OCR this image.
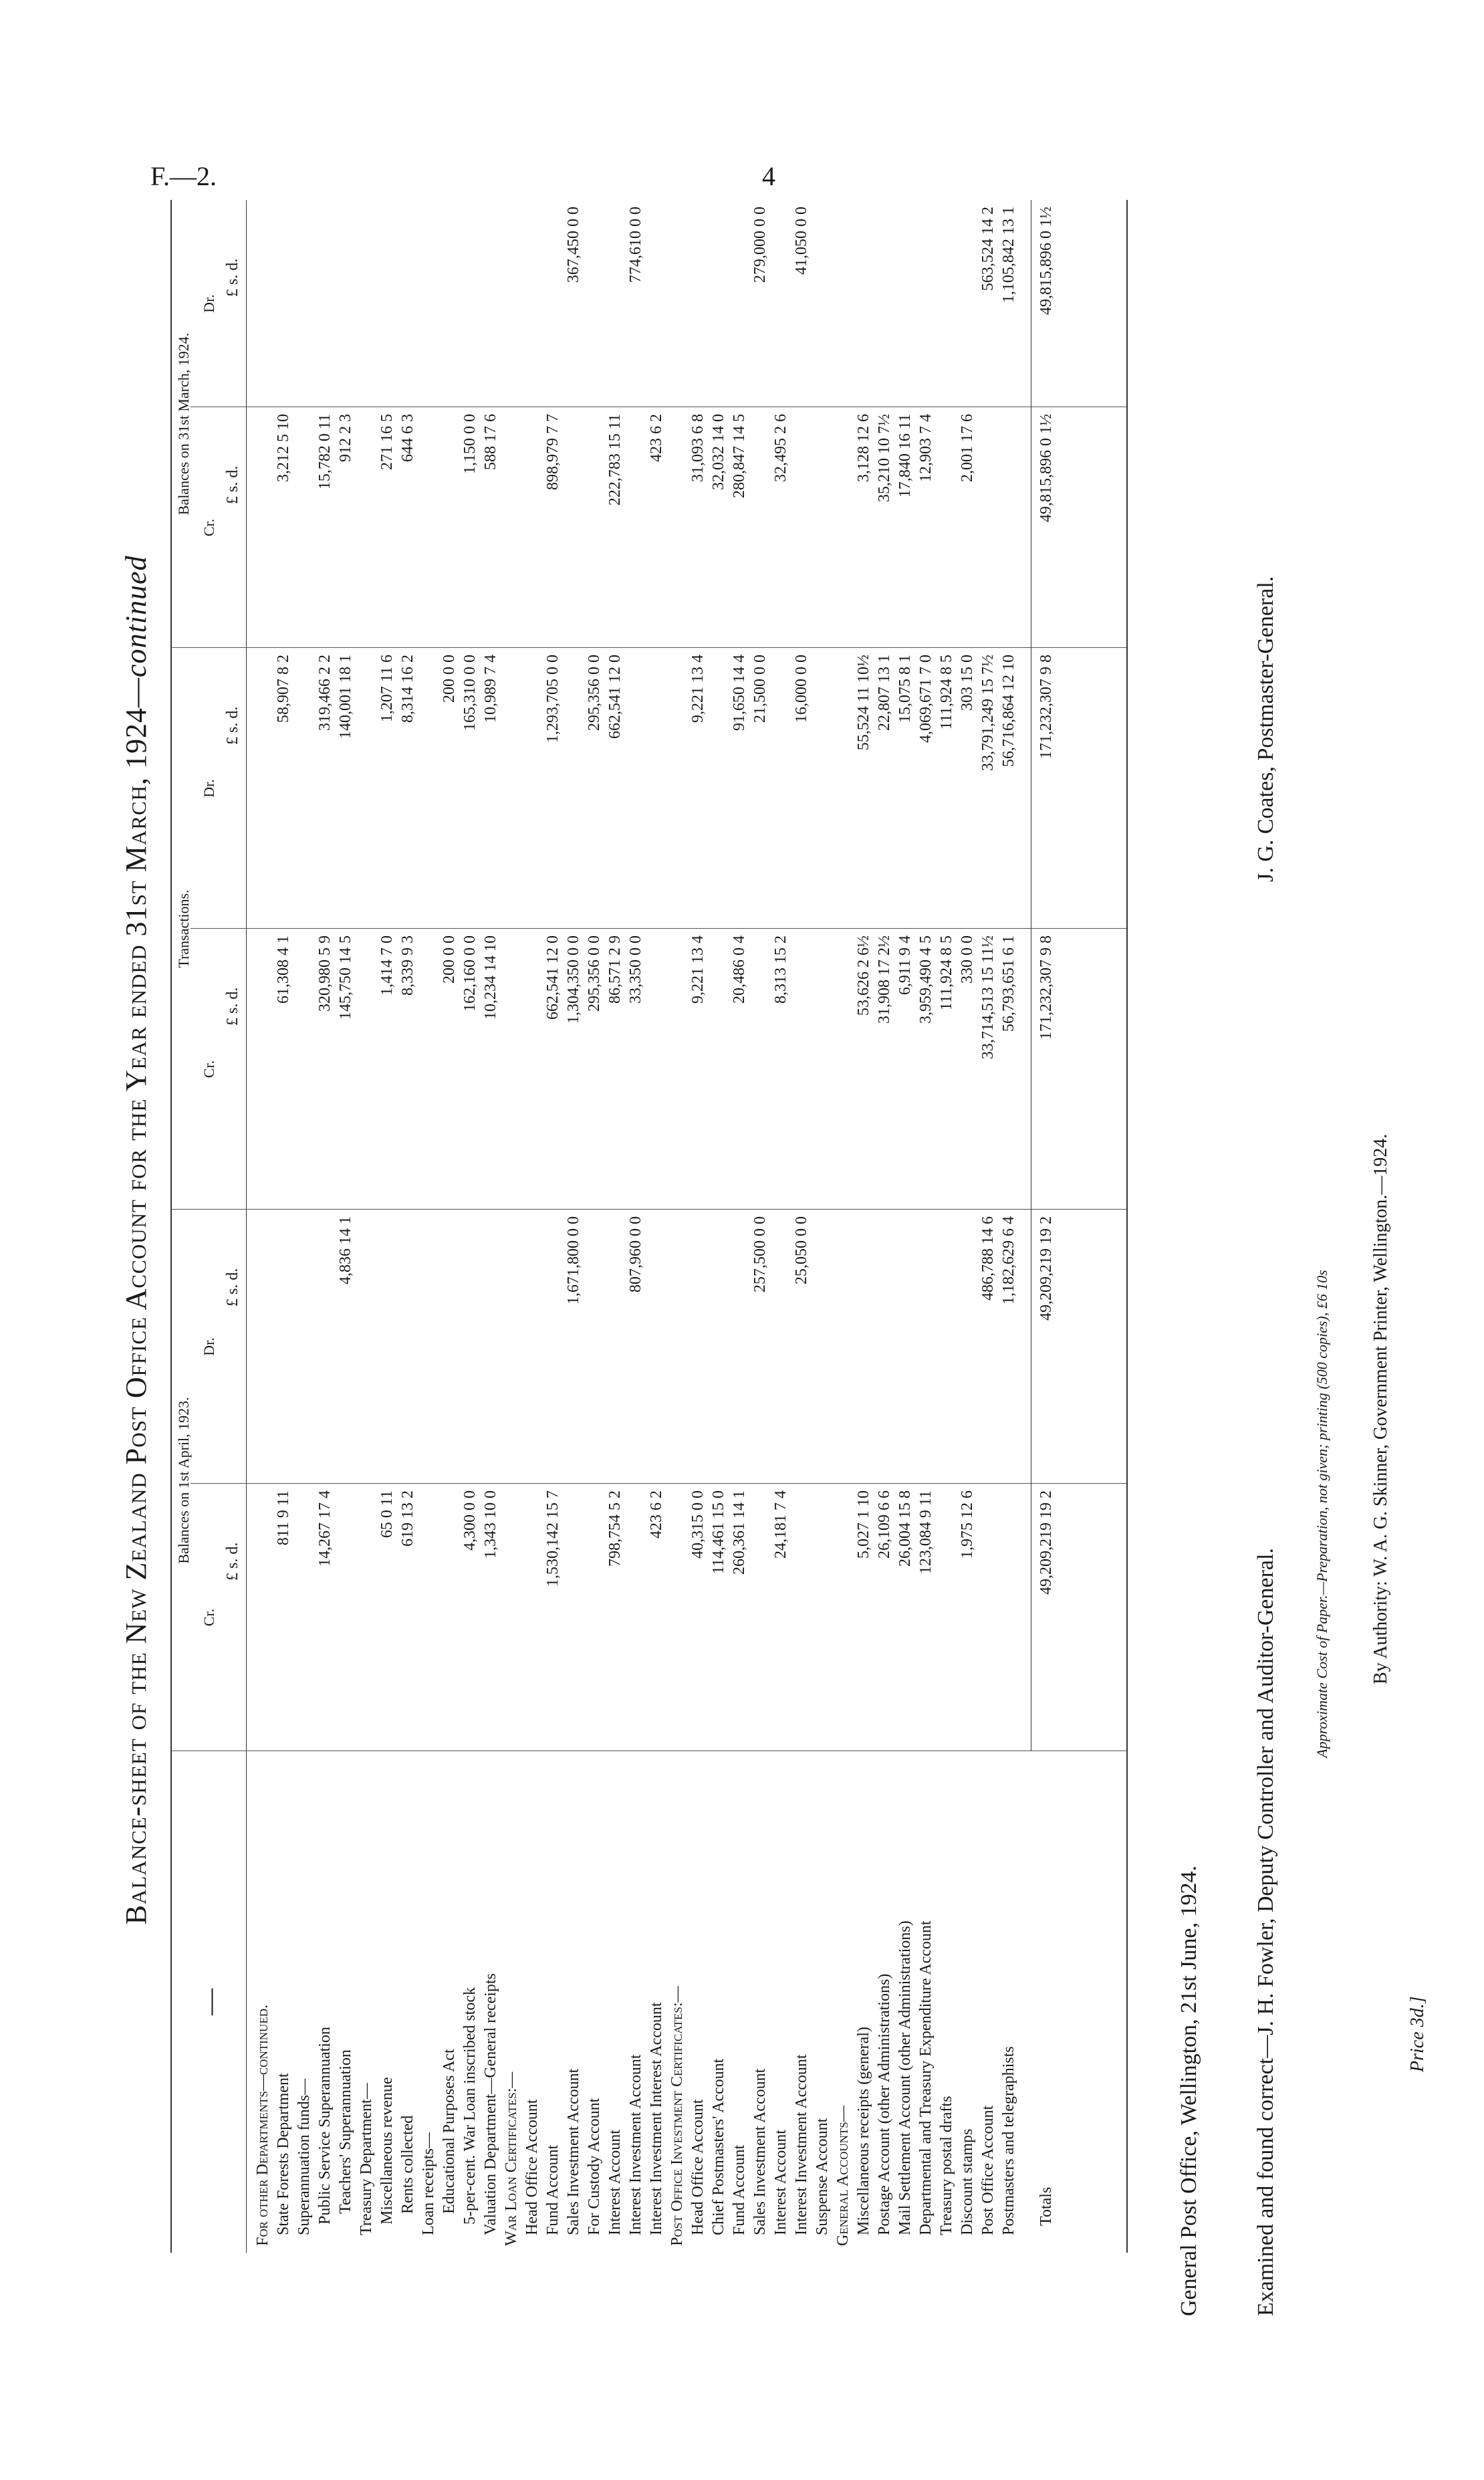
F.—2.	4
Balance-sheet of the New Zealand Post Office Account for the Year ended 31st March, 1924—continued
—
Balances on 1st April, 1923.
Transactions.
Balances on 31st March, 1924.
Cr.
Dr.
Cr.
Dr.
Cr.
Dr.
£ s. d.
£ s. d.
£ s. d.
£ s. d.
£ s. d.
£ s. d.
For other Departments—continued. State Forests Department
811 9 11
61,308 4 1
58,907 8 2
3,212 5 10
Superannuation funds— Public Service Superannuation
14,267 17 4
320,980 5 9
319,466 2 2
15,782 0 11
Teachers' Superannuation
4,836 14 1
145,750 14 5
140,001 18 1
912 2 3
Treasury Department— Miscellaneous revenue
65 0 11
1,414 7 0
1,207 11 6
271 16 5
Rents collected
619 13 2
8,339 9 3
8,314 16 2
644 6 3
Loan receipts— Educational Purposes Act
200 0 0
200 0 0
5-per-cent. War Loan inscribed stock
4,300 0 0
162,160 0 0
165,310 0 0
1,150 0 0
Valuation Department—General receipts
1,343 10 0
10,234 14 10
10,989 7 4
588 17 6
War Loan Certificates:— Head Office Account Fund Account
1,530,142 15 7
662,541 12 0
1,293,705 0 0
898,979 7 7
Sales Investment Account
1,671,800 0 0
1,304,350 0 0
367,450 0 0
For Custody Account
295,356 0 0
295,356 0 0
Interest Account
798,754 5 2
86,571 2 9
662,541 12 0
222,783 15 11
Interest Investment Account
807,960 0 0
33,350 0 0
774,610 0 0
Interest Investment Interest Account
423 6 2
423 6 2
Post Office Investment Certificates:— Head Office Account
40,315 0 0
9,221 13 4
9,221 13 4
31,093 6 8
Chief Postmasters' Account
114,461 15 0
32,032 14 0
Fund Account
260,361 14 1
20,486 0 4
91,650 14 4
280,847 14 5
Sales Investment Account
257,500 0 0
21,500 0 0
279,000 0 0
Interest Account
24,181 7 4
8,313 15 2
32,495 2 6
Interest Investment Account
25,050 0 0
16,000 0 0
41,050 0 0
Suspense Account General Accounts— Miscellaneous receipts (general)
5,027 1 10
53,626 2 6½
55,524 11 10½
3,128 12 6
Postage Account (other Administrations)
26,109 6 6
31,908 17 2½
22,807 13 1
35,210 10 7½
Mail Settlement Account (other Administrations)
26,004 15 8
6,911 9 4
15,075 8 1
17,840 16 11
Departmental and Treasury Expenditure Account
123,084 9 11
3,959,490 4 5
4,069,671 7 0
12,903 7 4
Treasury postal drafts
111,924 8 5
111,924 8 5
Discount stamps
1,975 12 6
330 0 0
303 15 0
2,001 17 6
Post Office Account
486,788 14 6
33,714,513 15 11½
33,791,249 15 7½
563,524 14 2
Postmasters and telegraphists
1,182,629 6 4
56,793,651 6 1
56,716,864 12 10
1,105,842 13 1
Totals
49,209,219 19 2
49,209,219 19 2
171,232,307 9 8
171,232,307 9 8
49,815,896 0 1½
49,815,896 0 1½
General Post Office, Wellington, 21st June, 1924. Examined and found correct—J. H. Fowler, Deputy Controller and Auditor-General.
J. G. Coates, Postmaster-General.
Approximate Cost of Paper.—Preparation, not given; printing (500 copies), £6 10s By Authority: W. A. G. Skinner, Government Printer, Wellington.—1924.
Price 3d.]
